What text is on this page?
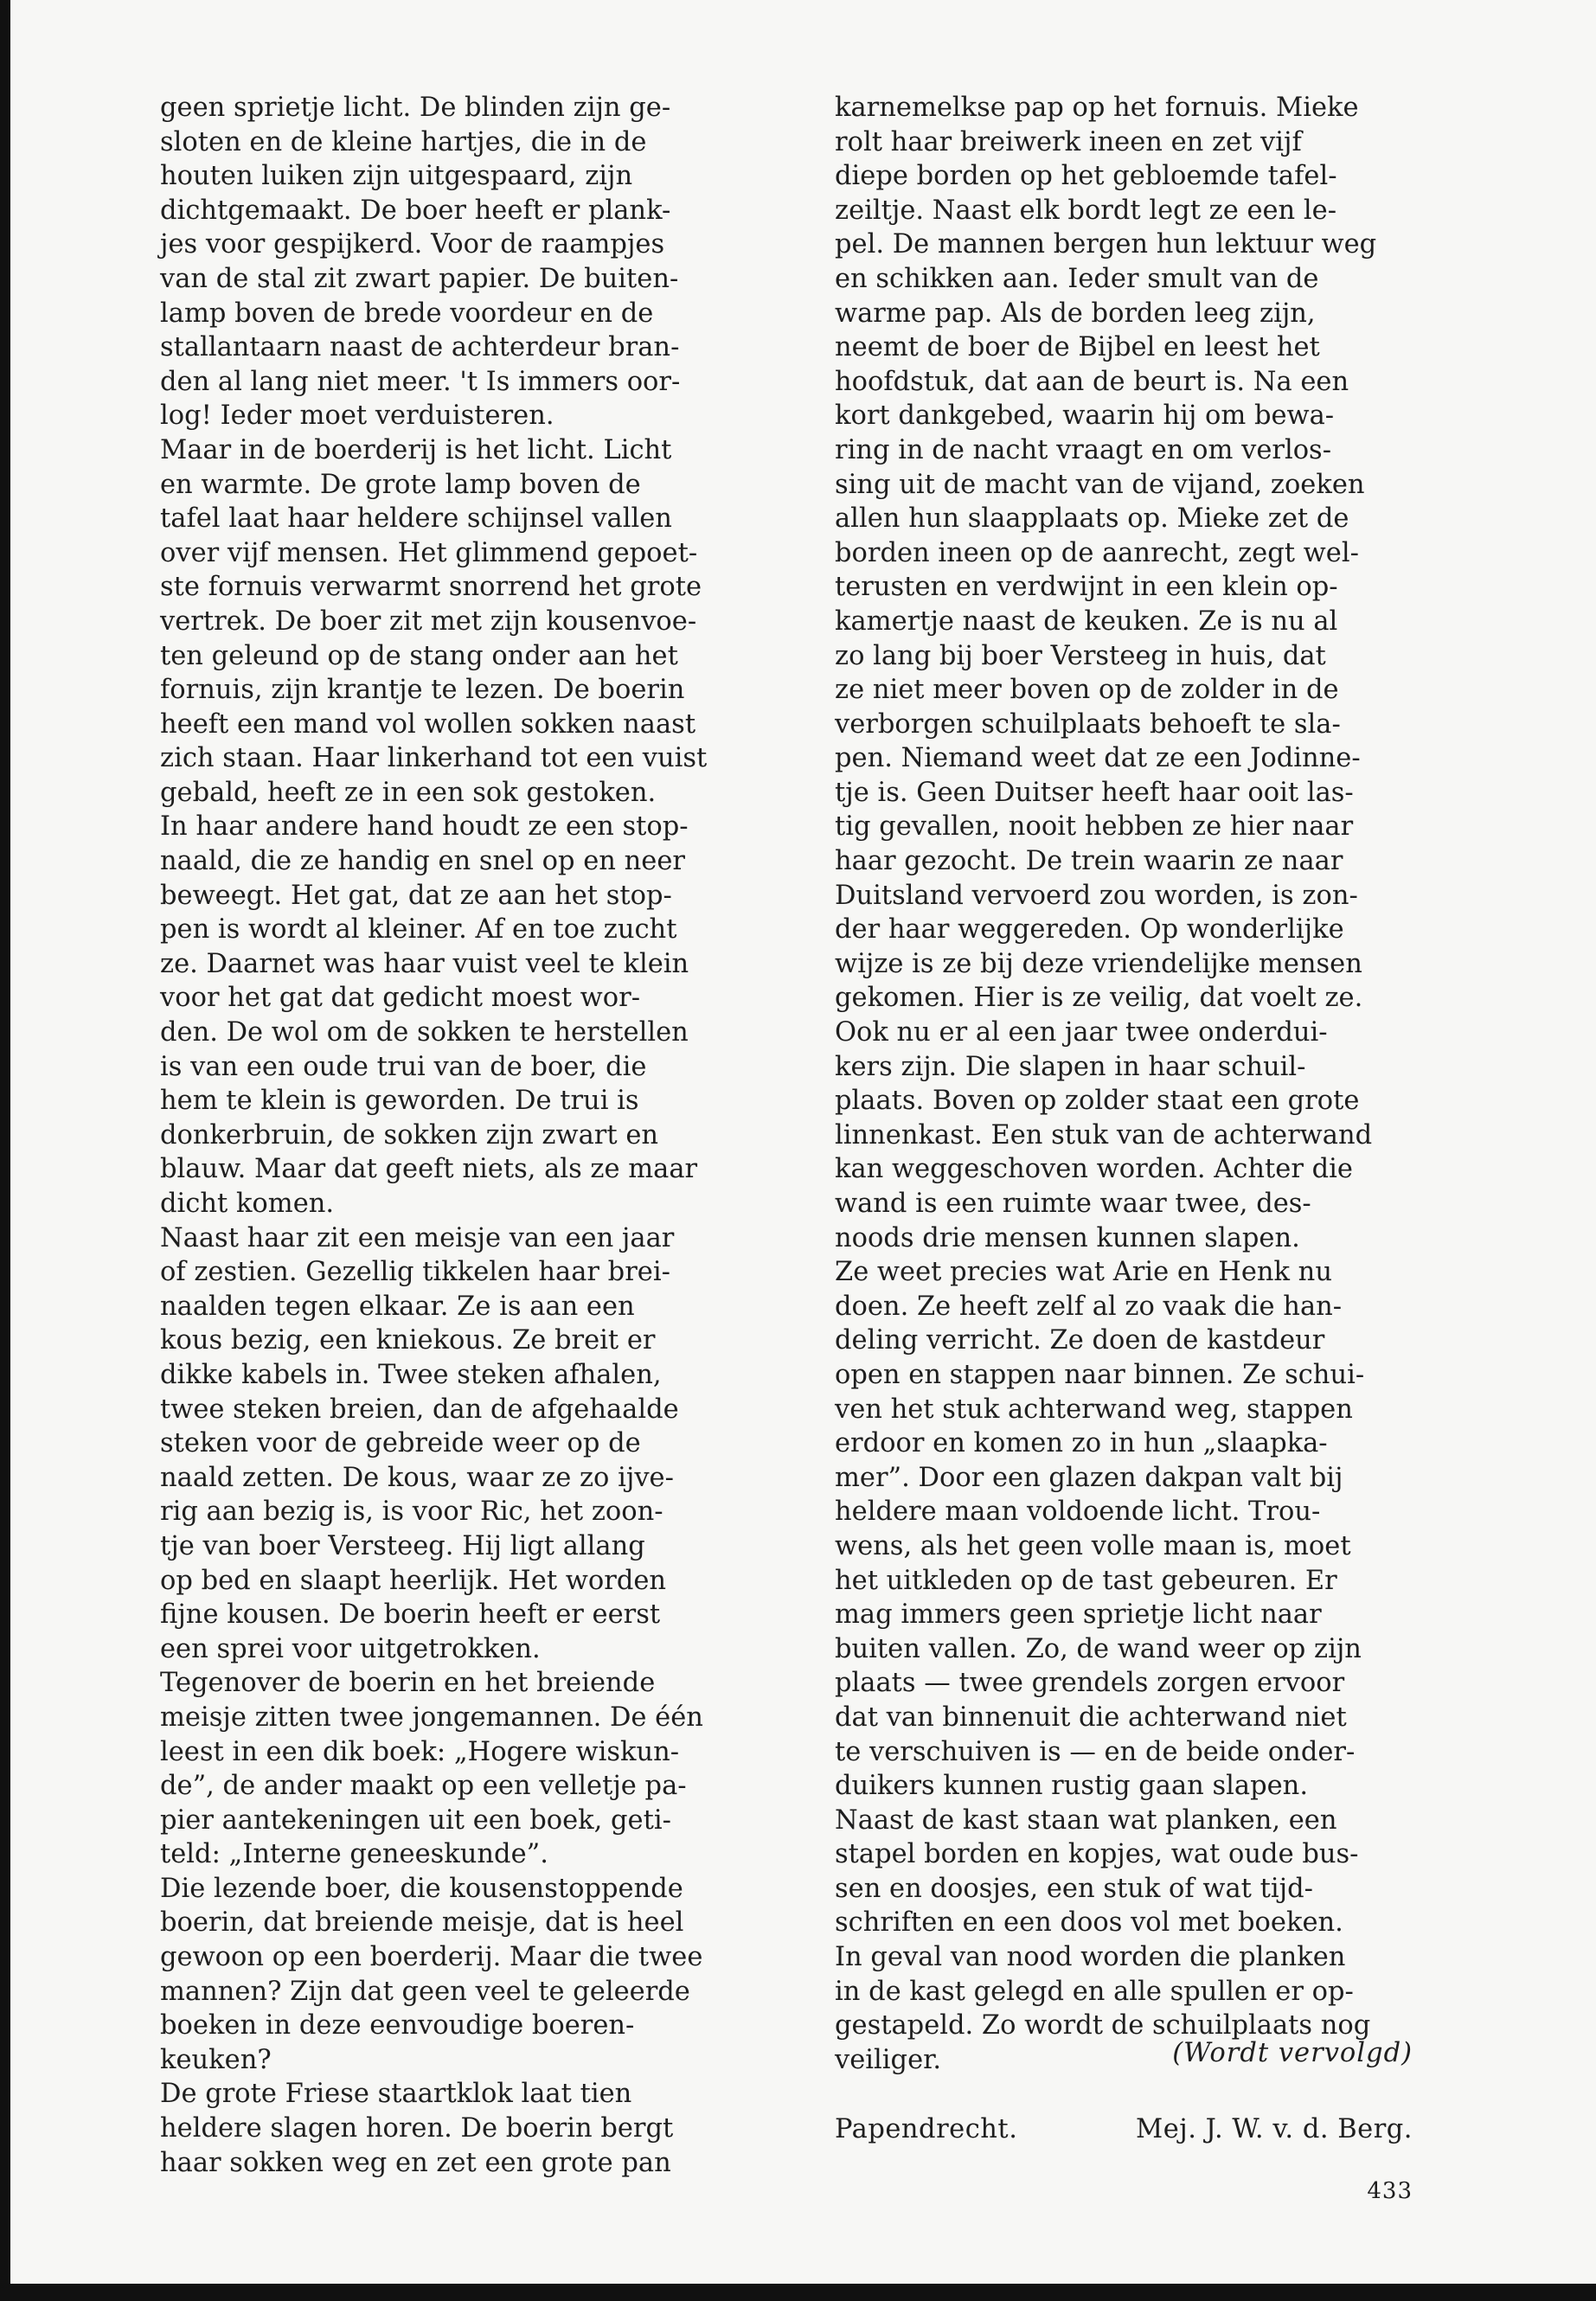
geen sprietje licht. De blinden zijn ge-
sloten en de kleine hartjes, die in de
houten luiken zijn uitgespaard, zijn
dichtgemaakt. De boer heeft er plank-
jes voor gespijkerd. Voor de raampjes
van de stal zit zwart papier. De buiten-
lamp boven de brede voordeur en de
stallantaarn naast de achterdeur bran-
den al lang niet meer. 't Is immers oor-
log! Ieder moet verduisteren.

Maar in de boerderij is het licht. Licht
en warmte. De grote lamp boven de
tafel laat haar heldere schijnsel vallen
over vijf mensen. Het glimmend gepoet-
ste fornuis verwarmt snorrend het grote
vertrek. De boer zit met zijn kousenvoe-
ten geleund op de stang onder aan het
fornuis, zijn krantje te lezen. De boerin
heeft een mand vol wollen sokken naast
zich staan. Haar linkerhand tot een vuist
gebald, heeft ze in een sok gestoken.
In haar andere hand houdt ze een stop-
naald, die ze handig en snel op en neer
beweegt. Het gat, dat ze aan het stop-
pen is wordt al kleiner. Af en toe zucht
ze. Daarnet was haar vuist veel te klein
voor het gat dat gedicht moest wor-
den. De wol om de sokken te herstellen
is van een oude trui van de boer, die
hem te klein is geworden. De trui is
donkerbruin, de sokken zijn zwart en
blauw. Maar dat geeft niets, als ze maar
dicht komen.

Naast haar zit een meisje van een jaar
of zestien. Gezellig tikkelen haar brei-
naalden tegen elkaar. Ze is aan een
kous bezig, een kniekous. Ze breit er
dikke kabels in. Twee steken afhalen,
twee steken breien, dan de afgehaalde
steken voor de gebreide weer op de
naald zetten. De kous, waar ze zo ijve-
rig aan bezig is, is voor Ric, het zoon-
tje van boer Versteeg. Hij ligt allang
op bed en slaapt heerlijk. Het worden
fijne kousen. De boerin heeft er eerst
een sprei voor uitgetrokken.

Tegenover de boerin en het breiende
meisje zitten twee jongemannen. De één
leest in een dik boek: „Hogere wiskun-
de”, de ander maakt op een velletje pa-
pier aantekeningen uit een boek, geti-
teld: „Interne geneeskunde”.

Die lezende boer, die kousenstoppende
boerin, dat breiende meisje, dat is heel
gewoon op een boerderij. Maar die twee
mannen? Zijn dat geen veel te geleerde
boeken in deze eenvoudige boeren-
keuken?

De grote Friese staartklok laat tien
heldere slagen horen. De boerin bergt
haar sokken weg en zet een grote pan

karnemelkse pap op het fornuis. Mieke
rolt haar breiwerk ineen en zet vijf
diepe borden op het gebloemde tafel-
zeiltje. Naast elk bordt legt ze een le-
pel. De mannen bergen hun lektuur weg
en schikken aan. Ieder smult van de
warme pap. Als de borden leeg zijn,
neemt de boer de Bijbel en leest het
hoofdstuk, dat aan de beurt is. Na een
kort dankgebed, waarin hij om bewa-
ring in de nacht vraagt en om verlos-
sing uit de macht van de vijand, zoeken
allen hun slaapplaats op. Mieke zet de
borden ineen op de aanrecht, zegt wel-
terusten en verdwijnt in een klein op-
kamertje naast de keuken. Ze is nu al
zo lang bij boer Versteeg in huis, dat
ze niet meer boven op de zolder in de
verborgen schuilplaats behoeft te sla-
pen. Niemand weet dat ze een Jodinne-
tje is. Geen Duitser heeft haar ooit las-
tig gevallen, nooit hebben ze hier naar
haar gezocht. De trein waarin ze naar
Duitsland vervoerd zou worden, is zon-
der haar weggereden. Op wonderlijke
wijze is ze bij deze vriendelijke mensen
gekomen. Hier is ze veilig, dat voelt ze.
Ook nu er al een jaar twee onderdui-
kers zijn. Die slapen in haar schuil-
plaats. Boven op zolder staat een grote
linnenkast. Een stuk van de achterwand
kan weggeschoven worden. Achter die
wand is een ruimte waar twee, des-
noods drie mensen kunnen slapen.

Ze weet precies wat Arie en Henk nu
doen. Ze heeft zelf al zo vaak die han-
deling verricht. Ze doen de kastdeur
open en stappen naar binnen. Ze schui-
ven het stuk achterwand weg, stappen
erdoor en komen zo in hun „slaapka-
mer”. Door een glazen dakpan valt bij
heldere maan voldoende licht. Trou-
wens, als het geen volle maan is, moet
het uitkleden op de tast gebeuren. Er
mag immers geen sprietje licht naar
buiten vallen. Zo, de wand weer op zijn
plaats — twee grendels zorgen ervoor
dat van binnenuit die achterwand niet
te verschuiven is — en de beide onder-
duikers kunnen rustig gaan slapen.

Naast de kast staan wat planken, een
stapel borden en kopjes, wat oude bus-
sen en doosjes, een stuk of wat tijd-
schriften en een doos vol met boeken.
In geval van nood worden die planken
in de kast gelegd en alle spullen er op-
gestapeld. Zo wordt de schuilplaats nog
veiliger.	(Wordt vervolgd)
Papendrecht.	Mej. J. W. v. d. Berg.
433
